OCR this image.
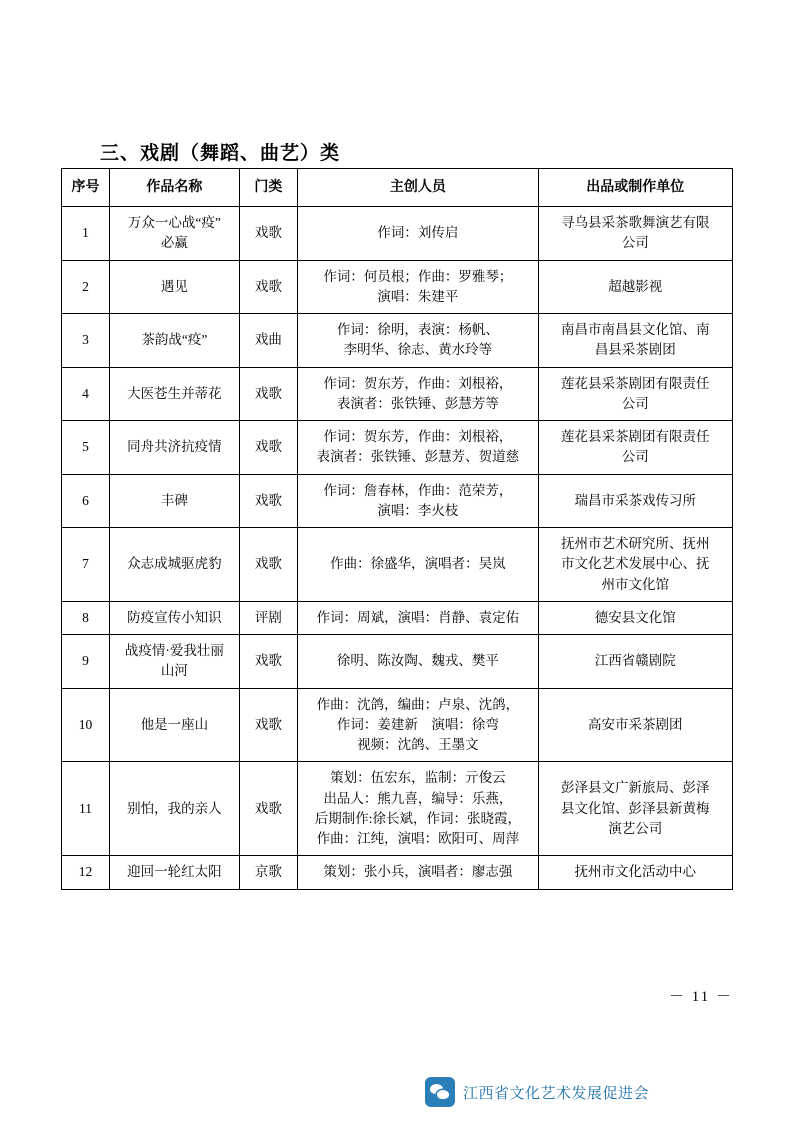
三、戏剧（舞蹈、曲艺）类
序号	作品名称	门类	主创人员	出品或制作单位
1	万众一心战“疫”
必赢	戏歌	作词：刘传启	寻乌县采茶歌舞演艺有限
公司

2	遇见	戏歌	作词：何员根；作曲：罗雅琴；
演唱：朱建平	超越影视

3	茶韵战“疫”	戏曲	作词：徐明，表演：杨帆、
李明华、徐志、黄水玲等	南昌市南昌县文化馆、南
昌县采茶剧团

4	大医苍生并蒂花	戏歌	作词：贺东芳，作曲：刘根裕，
表演者：张铁锤、彭慧芳等	莲花县采茶剧团有限责任
公司

5	同舟共济抗疫情	戏歌	作词：贺东芳，作曲：刘根裕，
表演者：张铁锤、彭慧芳、贺道慈	莲花县采茶剧团有限责任
公司

6	丰碑	戏歌	作词：詹春林，作曲：范荣芳，
演唱：李火枝	瑞昌市采茶戏传习所

7	众志成城驱虎豹	戏歌	作曲：徐盛华，演唱者：吴岚	抚州市艺术研究所、抚州
市文化艺术发展中心、抚
州市文化馆

8	防疫宣传小知识	评剧	作词：周斌，演唱：肖静、袁定佑	德安县文化馆

9	战疫情·爱我壮丽
山河	戏歌	徐明、陈汝陶、魏戎、樊平	江西省赣剧院

10	他是一座山	戏歌	作曲：沈鸽，编曲：卢泉、沈鸽，
作词：姜建新　演唱：徐弯
视频：沈鸽、王墨文	高安市采茶剧团

11	别怕，我的亲人	戏歌	策划：伍宏东，监制：亓俊云
出品人：熊九喜，编导：乐燕，
后期制作:徐长斌，作词：张晓霞，
作曲：江纯，演唱：欧阳可、周萍	彭泽县文广新旅局、彭泽
县文化馆、彭泽县新黄梅
演艺公司

12	迎回一轮红太阳	京歌	策划：张小兵，演唱者：廖志强	抚州市文化活动中心
－ 11 －
江西省文化艺术发展促进会
